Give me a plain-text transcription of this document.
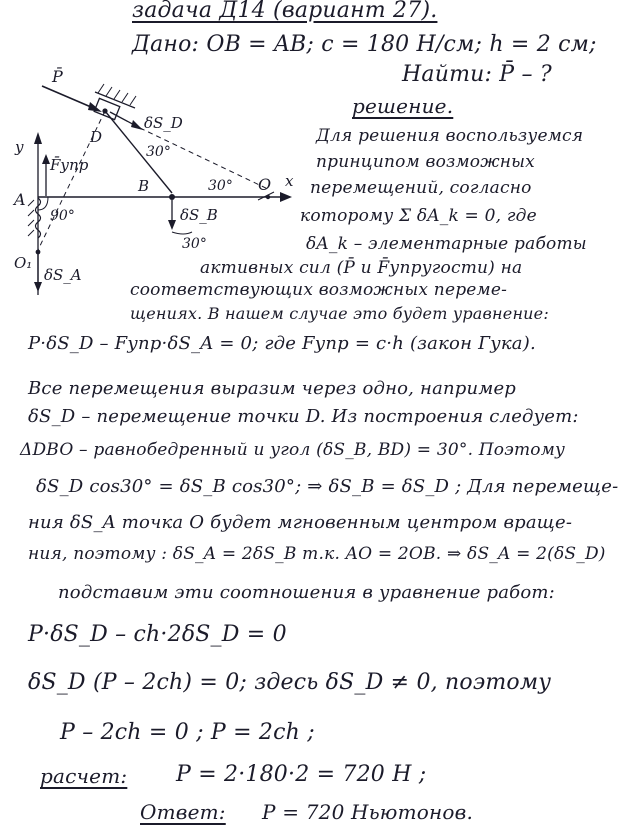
задача Д14 (вариант 27).
Дано: OB = AB; c = 180 Н/см; h = 2 см;
Найти: P̄ – ?
P̄
δS_D
30°
D
y
F̄упр
A
B	30° O x
δS_B
30°
90°
O₁
δS_A
решение.
Для решения воспользуемся
принципом возможных
перемещений, согласно
которому Σ δA_k = 0, где
δA_k – элементарные работы
активных сил (P̄ и F̄упругости) на
соответствующих возможных переме-
щениях. В нашем случае это будет уравнение:
P·δS_D – Fупр·δS_A = 0; где Fупр = c·h (закон Гука).
Все перемещения выразим через одно, например
δS_D – перемещение точки D. Из построения следует:
ΔDBO – равнобедренный и угол (δS_B, BD) = 30°. Поэтому
δS_D cos30° = δS_B cos30°; ⇒ δS_B = δS_D ; Для перемеще-
ния δS_A точка O будет мгновенным центром враще-
ния, поэтому : δS_A = 2δS_B т.к. AO = 2OB. ⇒ δS_A = 2(δS_D)
подставим эти соотношения в уравнение работ:
P·δS_D – ch·2δS_D = 0
δS_D (P – 2ch) = 0; здесь δS_D ≠ 0, поэтому
P – 2ch = 0 ; P = 2ch ;
расчет: P = 2·180·2 = 720 Н ;
Ответ: P = 720 Ньютонов.
